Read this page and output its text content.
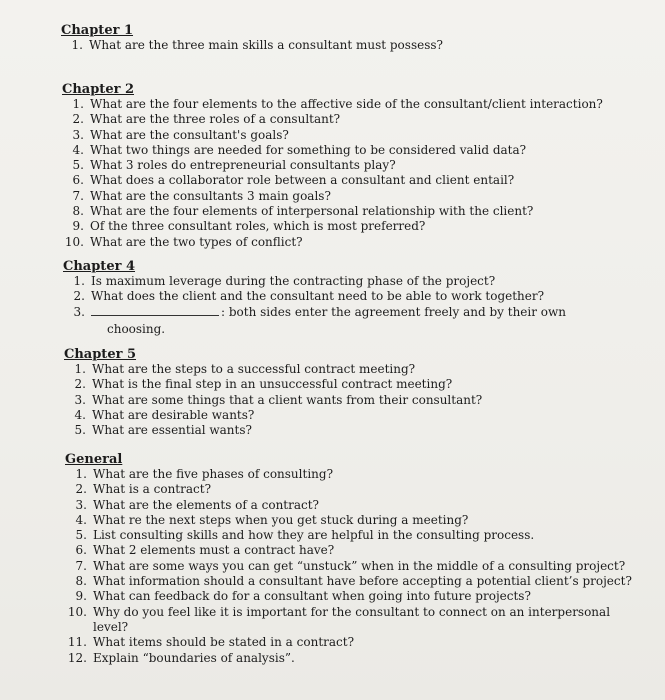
Chapter 1
1. What are the three main skills a consultant must possess?
Chapter 2
1. What are the four elements to the affective side of the consultant/client interaction?
2. What are the three roles of a consultant?
3. What are the consultant's goals?
4. What two things are needed for something to be considered valid data?
5. What 3 roles do entrepreneurial consultants play?
6. What does a collaborator role between a consultant and client entail?
7. What are the consultants 3 main goals?
8. What are the four elements of interpersonal relationship with the client?
9. Of the three consultant roles, which is most preferred?
10. What are the two types of conflict?
Chapter 4
1. Is maximum leverage during the contracting phase of the project?
2. What does the client and the consultant need to be able to work together?
3.	: both sides enter the agreement freely and by their own
choosing.
Chapter 5
1. What are the steps to a successful contract meeting?
2. What is the final step in an unsuccessful contract meeting?
3. What are some things that a client wants from their consultant?
4. What are desirable wants?
5. What are essential wants?
General
1. What are the five phases of consulting?
2. What is a contract?
3. What are the elements of a contract?
4. What re the next steps when you get stuck during a meeting?
5. List consulting skills and how they are helpful in the consulting process.
6. What 2 elements must a contract have?
7. What are some ways you can get “unstuck” when in the middle of a consulting project?
8. What information should a consultant have before accepting a potential client’s project?
9. What can feedback do for a consultant when going into future projects?
10. Why do you feel like it is important for the consultant to connect on an interpersonal level?
11. What items should be stated in a contract?
12. Explain “boundaries of analysis”.
